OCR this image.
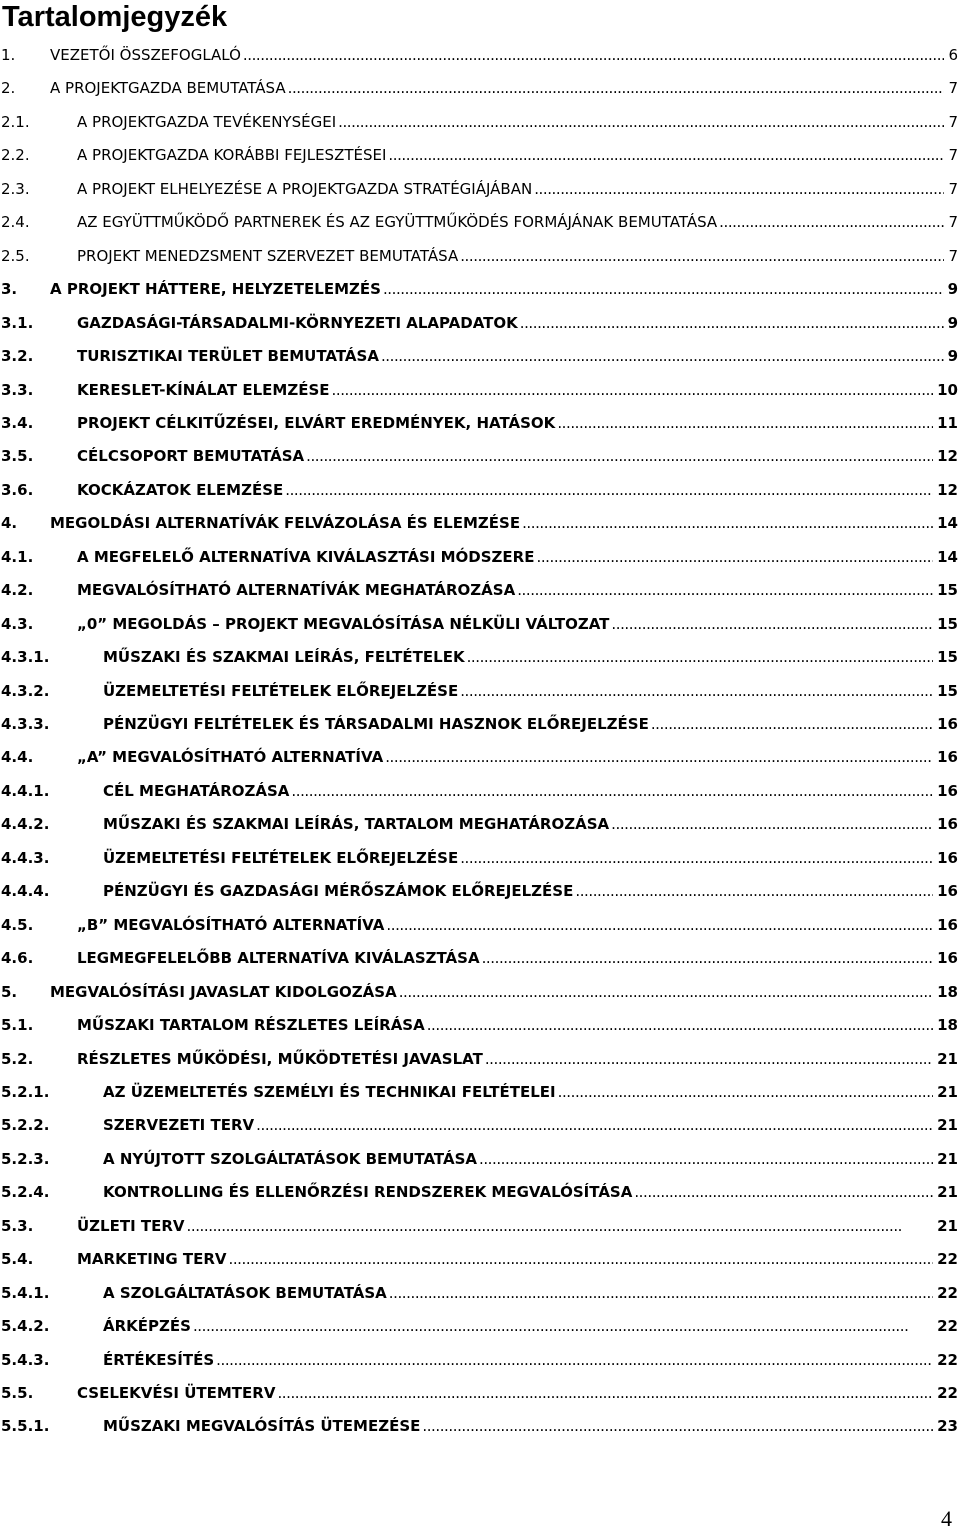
Tartalomjegyzék
1. VEZETŐI ÖSSZEFOGLALÓ . . .	6
2. A PROJEKTGAZDA BEMUTATÁSA . . .	7
2.1.	A PROJEKTGAZDA TEVÉKENYSÉGEI . . .	7
2.2.	A PROJEKTGAZDA KORÁBBI FEJLESZTÉSEI . . .	7
2.3.	A PROJEKT ELHELYEZÉSE A PROJEKTGAZDA STRATÉGIÁJÁBAN . . .	7
2.4.	AZ EGYÜTTMŰKÖDŐ PARTNEREK ÉS AZ EGYÜTTMŰKÖDÉS FORMÁJÁNAK BEMUTATÁSA . . .	7
2.5.	PROJEKT MENEDZSMENT SZERVEZET BEMUTATÁSA . . .	7
3. A PROJEKT HÁTTERE, HELYZETELEMZÉS . . .	9
3.1.	GAZDASÁGI-TÁRSADALMI-KÖRNYEZETI ALAPADATOK . . .	9
3.2.	TURISZTIKAI TERÜLET BEMUTATÁSA . . .	9
3.3.	KERESLET-KÍNÁLAT ELEMZÉSE . . .	10
3.4.	PROJEKT CÉLKITŰZÉSEI, ELVÁRT EREDMÉNYEK, HATÁSOK . . .	11
3.5.	CÉLCSOPORT BEMUTATÁSA . . .	12
3.6.	KOCKÁZATOK ELEMZÉSE . . .	12
4. MEGOLDÁSI ALTERNATÍVÁK FELVÁZOLÁSA ÉS ELEMZÉSE . . .	14
4.1.	A MEGFELELŐ ALTERNATÍVA KIVÁLASZTÁSI MÓDSZERE . . .	14
4.2.	MEGVALÓSÍTHATÓ ALTERNATÍVÁK MEGHATÁROZÁSA . . .	15
4.3.	„0” MEGOLDÁS – PROJEKT MEGVALÓSÍTÁSA NÉLKÜLI VÁLTOZAT . . .	15
4.3.1.	MŰSZAKI ÉS SZAKMAI LEÍRÁS, FELTÉTELEK . . .	15
4.3.2.	ÜZEMELTETÉSI FELTÉTELEK ELŐREJELZÉSE . . .	15
4.3.3.	PÉNZÜGYI FELTÉTELEK ÉS TÁRSADALMI HASZNOK ELŐREJELZÉSE . . .	16
4.4.	„A” MEGVALÓSÍTHATÓ ALTERNATÍVA . . .	16
4.4.1.	CÉL MEGHATÁROZÁSA . . .	16
4.4.2.	MŰSZAKI ÉS SZAKMAI LEÍRÁS, TARTALOM MEGHATÁROZÁSA . . .	16
4.4.3.	ÜZEMELTETÉSI FELTÉTELEK ELŐREJELZÉSE . . .	16
4.4.4.	PÉNZÜGYI ÉS GAZDASÁGI MÉRŐSZÁMOK ELŐREJELZÉSE . . .	16
4.5.	„B” MEGVALÓSÍTHATÓ ALTERNATÍVA . . .	16
4.6.	LEGMEGFELELŐBB ALTERNATÍVA KIVÁLASZTÁSA . . .	16
5. MEGVALÓSÍTÁSI JAVASLAT KIDOLGOZÁSA . . .	18
5.1.	MŰSZAKI TARTALOM RÉSZLETES LEÍRÁSA . . .	18
5.2.	RÉSZLETES MŰKÖDÉSI, MŰKÖDTETÉSI JAVASLAT . . .	21
5.2.1.	AZ ÜZEMELTETÉS SZEMÉLYI ÉS TECHNIKAI FELTÉTELEI . . .	21
5.2.2.	SZERVEZETI TERV . . .	21
5.2.3.	A NYÚJTOTT SZOLGÁLTATÁSOK BEMUTATÁSA . . .	21
5.2.4.	KONTROLLING ÉS ELLENŐRZÉSI RENDSZEREK MEGVALÓSÍTÁSA . . .	21
5.3.	ÜZLETI TERV . . .	21
5.4.	MARKETING TERV . . .	22
5.4.1.	A SZOLGÁLTATÁSOK BEMUTATÁSA . . .	22
5.4.2.	ÁRKÉPZÉS . . .	22
5.4.3.	ÉRTÉKESÍTÉS . . .	22
5.5.	CSELEKVÉSI ÜTEMTERV . . .	22
5.5.1.	MŰSZAKI MEGVALÓSÍTÁS ÜTEMEZÉSE . . .	23
4
